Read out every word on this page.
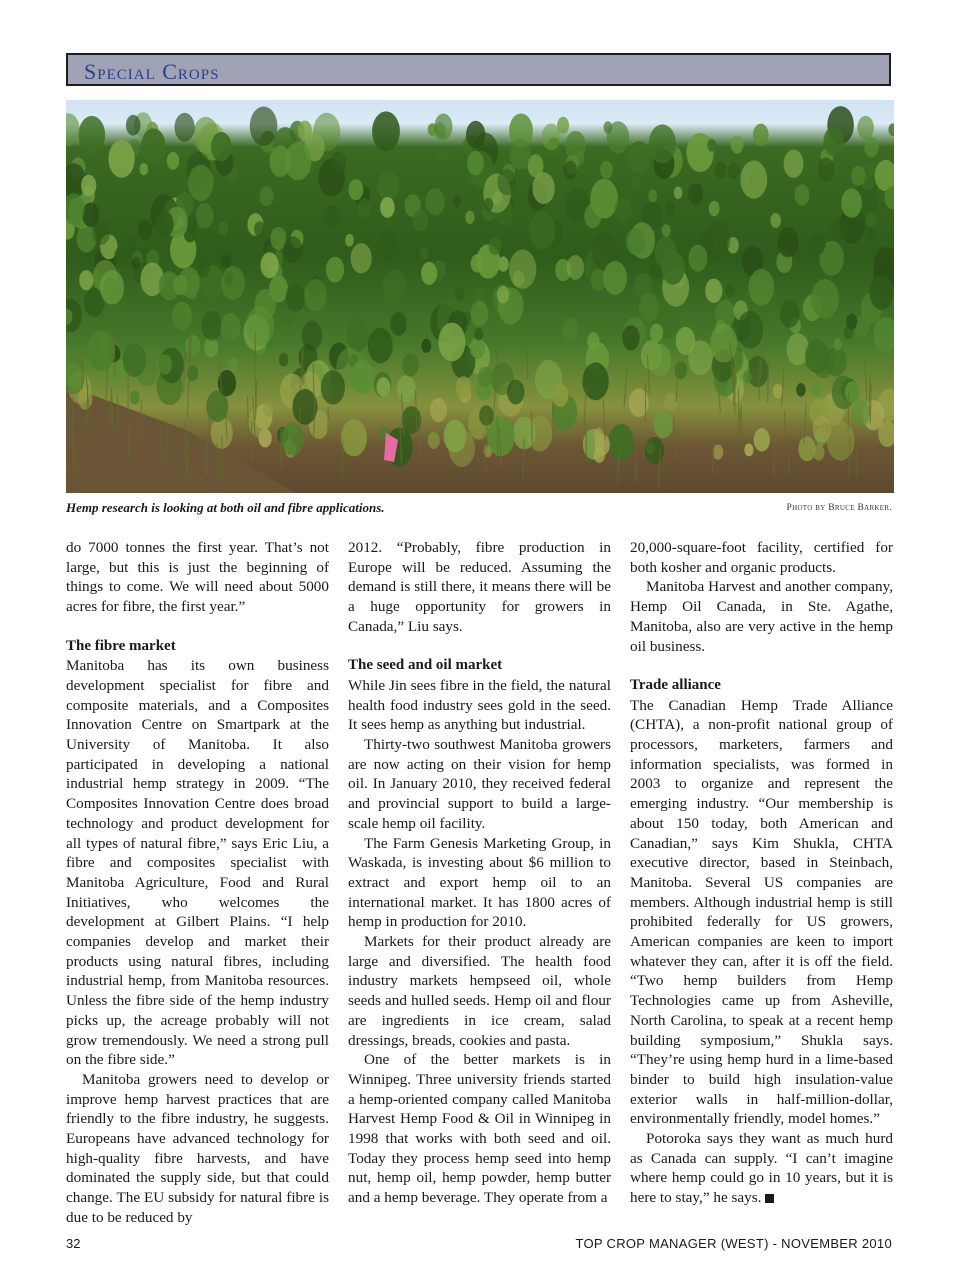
Special Crops
Hemp research is looking at both oil and fibre applications.	Photo by Bruce Barker.

do 7000 tonnes the first year. That’s not large, but this is just the beginning of things to come. We will need about 5000 acres for fibre, the first year.”

The fibre market

Manitoba has its own business development specialist for fibre and composite materials, and a Composites Innovation Centre on Smartpark at the University of Manitoba. It also participated in developing a national industrial hemp strategy in 2009. “The Composites Innovation Centre does broad technology and product development for all types of natural fibre,” says Eric Liu, a fibre and composites specialist with Manitoba Agriculture, Food and Rural Initiatives, who welcomes the development at Gilbert Plains. “I help companies develop and market their products using natural fibres, including industrial hemp, from Manitoba resources. Unless the fibre side of the hemp industry picks up, the acreage probably will not grow tremendously. We need a strong pull on the fibre side.”

Manitoba growers need to develop or improve hemp harvest practices that are friendly to the fibre industry, he suggests. Europeans have advanced technology for high-quality fibre harvests, and have dominated the supply side, but that could change. The EU subsidy for natural fibre is due to be reduced by

2012. “Probably, fibre production in Europe will be reduced. Assuming the demand is still there, it means there will be a huge opportunity for growers in Canada,” Liu says.

The seed and oil market

While Jin sees fibre in the field, the natural health food industry sees gold in the seed. It sees hemp as anything but industrial.

Thirty-two southwest Manitoba growers are now acting on their vision for hemp oil. In January 2010, they received federal and provincial support to build a large-scale hemp oil facility.

The Farm Genesis Marketing Group, in Waskada, is investing about $6 million to extract and export hemp oil to an international market. It has 1800 acres of hemp in production for 2010.

Markets for their product already are large and diversified. The health food industry markets hempseed oil, whole seeds and hulled seeds. Hemp oil and flour are ingredients in ice cream, salad dressings, breads, cookies and pasta.

One of the better markets is in Winnipeg. Three university friends started a hemp-oriented company called Manitoba Harvest Hemp Food & Oil in Winnipeg in 1998 that works with both seed and oil. Today they process hemp seed into hemp nut, hemp oil, hemp powder, hemp butter and a hemp beverage. They operate from a

20,000-square-foot facility, certified for both kosher and organic products.

Manitoba Harvest and another company, Hemp Oil Canada, in Ste. Agathe, Manitoba, also are very active in the hemp oil business.

Trade alliance

The Canadian Hemp Trade Alliance (CHTA), a non-profit national group of processors, marketers, farmers and information specialists, was formed in 2003 to organize and represent the emerging industry. “Our membership is about 150 today, both American and Canadian,” says Kim Shukla, CHTA executive director, based in Steinbach, Manitoba. Several US companies are members. Although industrial hemp is still prohibited federally for US growers, American companies are keen to import whatever they can, after it is off the field. “Two hemp builders from Hemp Technologies came up from Asheville, North Carolina, to speak at a recent hemp building symposium,” Shukla says. “They’re using hemp hurd in a lime-based binder to build high insulation-value exterior walls in half-million-dollar, environmentally friendly, model homes.”

Potoroka says they want as much hurd as Canada can supply. “I can’t imagine where hemp could go in 10 years, but it is here to stay,” he says.

32	TOP CROP MANAGER (WEST) - NOVEMBER 2010
